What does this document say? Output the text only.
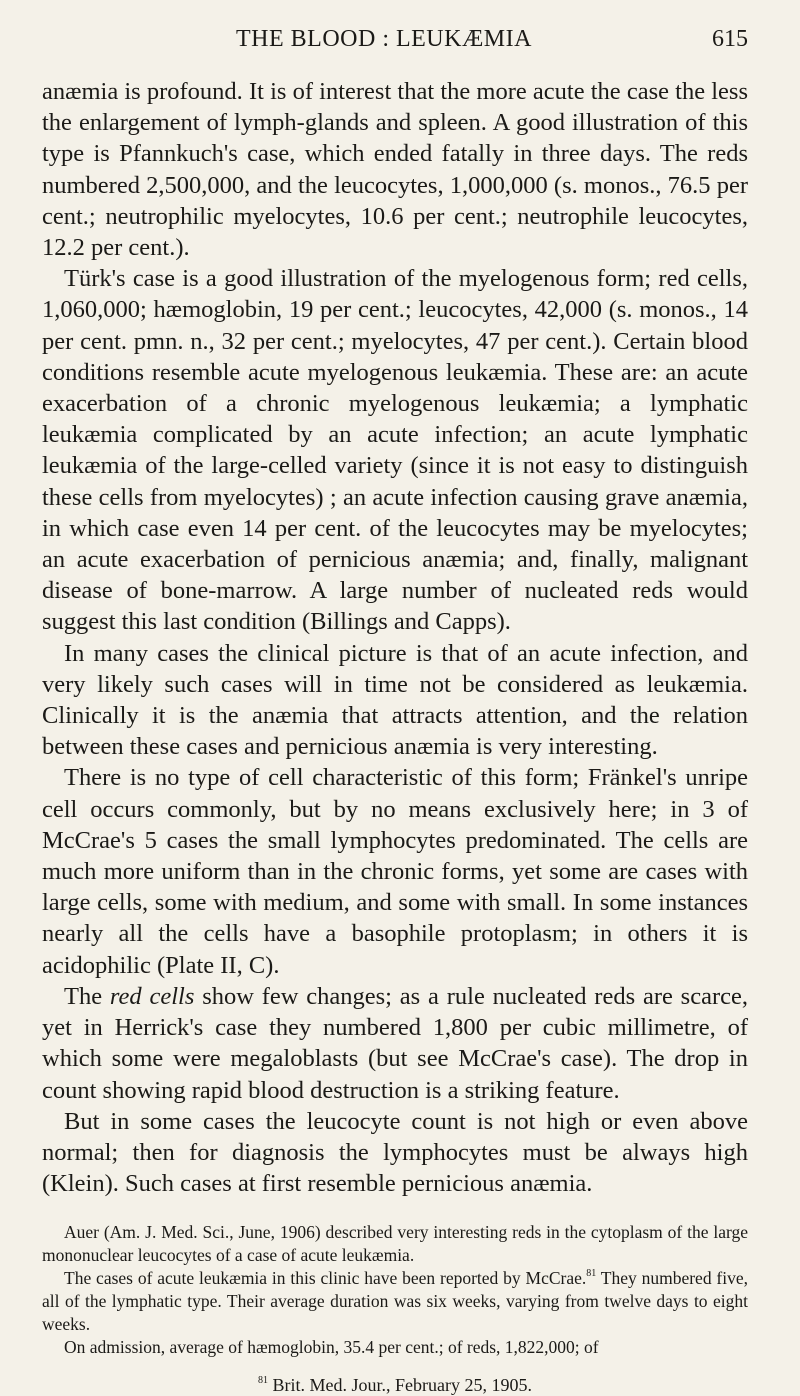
THE BLOOD : LEUKÆMIA	615

anæmia is profound. It is of interest that the more acute the case the less the enlargement of lymph-glands and spleen. A good illustration of this type is Pfannkuch's case, which ended fatally in three days. The reds numbered 2,500,000, and the leucocytes, 1,000,000 (s. monos., 76.5 per cent.; neutrophilic myelocytes, 10.6 per cent.; neutrophile leucocytes, 12.2 per cent.).

Türk's case is a good illustration of the myelogenous form; red cells, 1,060,000; hæmoglobin, 19 per cent.; leucocytes, 42,000 (s. monos., 14 per cent. pmn. n., 32 per cent.; myelocytes, 47 per cent.). Certain blood conditions resemble acute myelogenous leukæmia. These are: an acute exacerbation of a chronic myelogenous leukæmia; a lymphatic leukæmia complicated by an acute infection; an acute lymphatic leukæmia of the large-celled variety (since it is not easy to distinguish these cells from myelocytes) ; an acute infection causing grave anæmia, in which case even 14 per cent. of the leucocytes may be myelocytes; an acute exacerbation of pernicious anæmia; and, finally, malignant disease of bone-marrow. A large number of nucleated reds would suggest this last condition (Billings and Capps).

In many cases the clinical picture is that of an acute infection, and very likely such cases will in time not be considered as leukæmia. Clinically it is the anæmia that attracts attention, and the relation between these cases and pernicious anæmia is very interesting.

There is no type of cell characteristic of this form; Fränkel's unripe cell occurs commonly, but by no means exclusively here; in 3 of McCrae's 5 cases the small lymphocytes predominated. The cells are much more uniform than in the chronic forms, yet some are cases with large cells, some with medium, and some with small. In some instances nearly all the cells have a basophile protoplasm; in others it is acidophilic (Plate II, C).

The red cells show few changes; as a rule nucleated reds are scarce, yet in Herrick's case they numbered 1,800 per cubic millimetre, of which some were megaloblasts (but see McCrae's case). The drop in count showing rapid blood destruction is a striking feature.

But in some cases the leucocyte count is not high or even above normal; then for diagnosis the lymphocytes must be always high (Klein). Such cases at first resemble pernicious anæmia.

Auer (Am. J. Med. Sci., June, 1906) described very interesting reds in the cytoplasm of the large mononuclear leucocytes of a case of acute leukæmia.

The cases of acute leukæmia in this clinic have been reported by McCrae.$^{81}$ They numbered five, all of the lymphatic type. Their average duration was six weeks, varying from twelve days to eight weeks.

On admission, average of hæmoglobin, 35.4 per cent.; of reds, 1,822,000; of

$^{81}$ Brit. Med. Jour., February 25, 1905.
